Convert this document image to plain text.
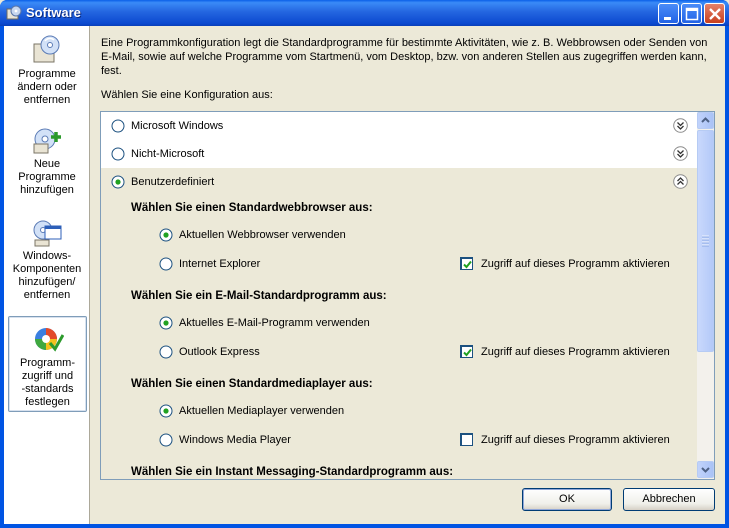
Software
Programme
ändern oder
entfernen
Neue
Programme
hinzufügen
Windows-
Komponenten
hinzufügen/
entfernen
Programm-
zugriff und
-standards
festlegen
Eine Programmkonfiguration legt die Standardprogramme für bestimmte Aktivitäten, wie z. B. Webbrowsen oder Senden von E-Mail, sowie auf welche Programme vom Startmenü, vom Desktop, bzw. von anderen Stellen aus zugegriffen werden kann, fest.
Wählen Sie eine Konfiguration aus:
Microsoft Windows
Nicht-Microsoft
Benutzerdefiniert
Wählen Sie einen Standardwebbrowser aus:
Aktuellen Webbrowser verwenden
Internet Explorer	Zugriff auf dieses Programm aktivieren
Wählen Sie ein E-Mail-Standardprogramm aus:
Aktuelles E-Mail-Programm verwenden
Outlook Express	Zugriff auf dieses Programm aktivieren
Wählen Sie einen Standardmediaplayer aus:
Aktuellen Mediaplayer verwenden
Windows Media Player	Zugriff auf dieses Programm aktivieren
Wählen Sie ein Instant Messaging-Standardprogramm aus:
OK	Abbrechen
